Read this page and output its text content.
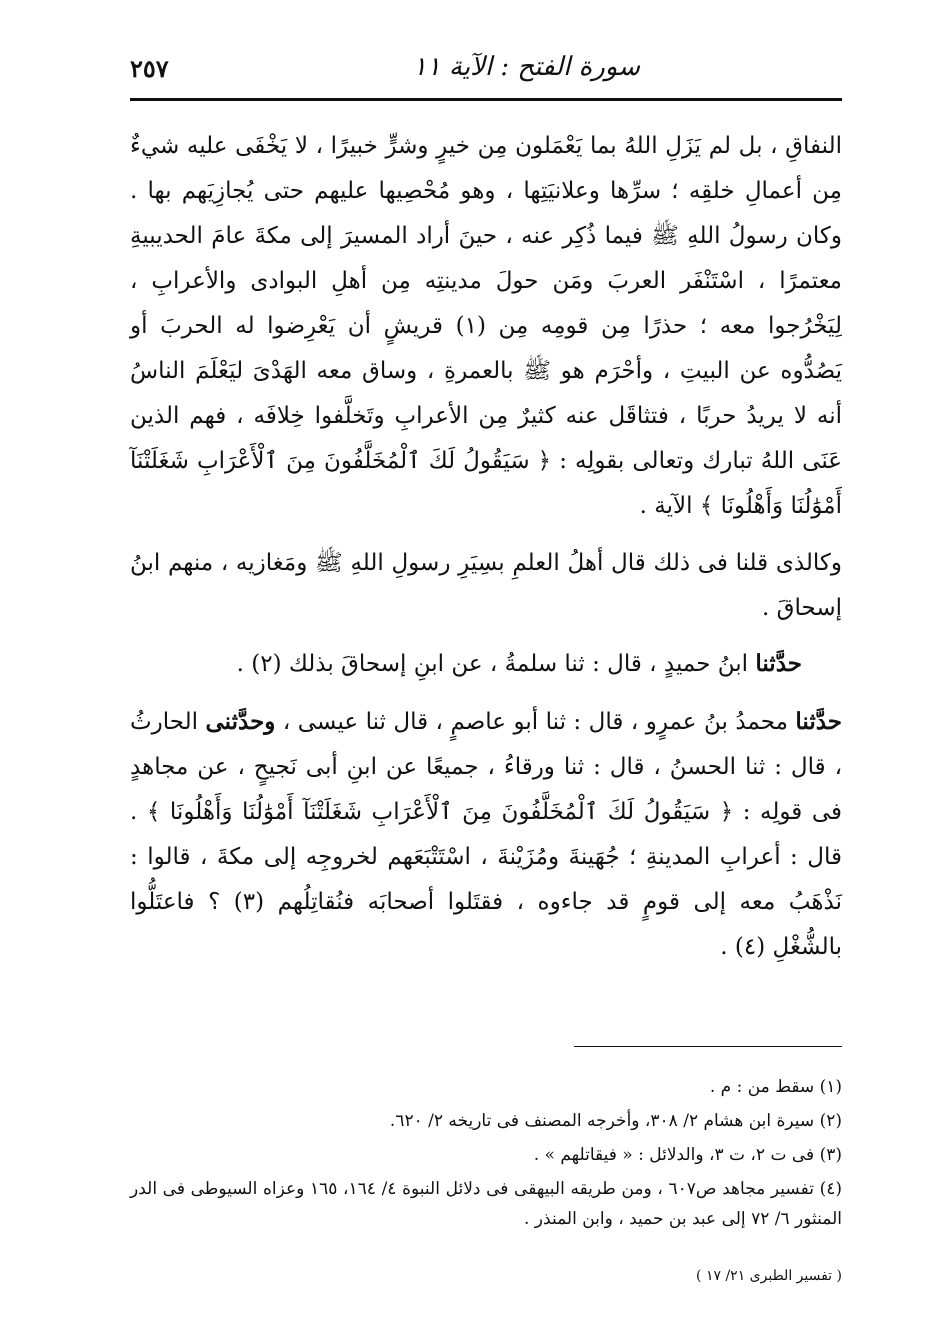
سورة الفتح : الآية ١١
٢٥٧

النفاقِ ، بل لم يَزَلِ اللهُ بما يَعْمَلون مِن خيرٍ وشرٍّ خبيرًا ، لا يَخْفَى عليه شيءٌ مِن أعمالِ خلقِه ؛ سرِّها وعلانيَتِها ، وهو مُحْصِيها عليهم حتى يُجازِيَهم بها . وكان رسولُ اللهِ ﷺ فيما ذُكِر عنه ، حينَ أراد المسيرَ إلى مكةَ عامَ الحديبيةِ معتمرًا ، اسْتَنْفَر العربَ ومَن حولَ مدينتِه مِن أهلِ البوادى والأعرابِ ، لِيَخْرُجوا معه ؛ حذرًا مِن قومِه مِن (١) قريشٍ أن يَعْرِضوا له الحربَ أو يَصُدُّوه عن البيتِ ، وأحْرَم هو ﷺ بالعمرةِ ، وساق معه الهَدْىَ ليَعْلَمَ الناسُ أنه لا يريدُ حربًا ، فتثاقَل عنه كثيرٌ مِن الأعرابِ وتَخلَّفوا خِلافَه ، فهم الذين عَنَى اللهُ تبارك وتعالى بقولِه : ﴿ سَيَقُولُ لَكَ ٱلْمُخَلَّفُونَ مِنَ ٱلْأَعْرَابِ شَغَلَتْنَآ أَمْوَٰلُنَا وَأَهْلُونَا ﴾ الآية .

وكالذى قلنا فى ذلك قال أهلُ العلمِ بسِيَرِ رسولِ اللهِ ﷺ ومَغازيه ، منهم ابنُ إسحاقَ .

حدَّثنا ابنُ حميدٍ ، قال : ثنا سلمةُ ، عن ابنِ إسحاقَ بذلك (٢) .

حدَّثنا محمدُ بنُ عمرٍو ، قال : ثنا أبو عاصمٍ ، قال ثنا عيسى ، وحدَّثنى الحارثُ ، قال : ثنا الحسنُ ، قال : ثنا ورقاءُ ، جميعًا عن ابنِ أبى نَجيحٍ ، عن مجاهدٍ فى قولِه : ﴿ سَيَقُولُ لَكَ ٱلْمُخَلَّفُونَ مِنَ ٱلْأَعْرَابِ شَغَلَتْنَآ أَمْوَٰلُنَا وَأَهْلُونَا ﴾ . قال : أعرابِ المدينةِ ؛ جُهَينةَ ومُزَيْنةَ ، اسْتَتْبَعَهم لخروجِه إلى مكةَ ، قالوا : نَذْهَبُ معه إلى قومٍ قد جاءوه ، فقتَلوا أصحابَه فنُقاتِلُهم (٣) ؟ فاعتَلُّوا بالشُّغْلِ (٤) .

(١) سقط من : م .

(٢) سيرة ابن هشام ٢/ ٣٠٨، وأخرجه المصنف فى تاريخه ٢/ ٦٢٠.

(٣) فى ت ٢، ت ٣، والدلائل : « فيقاتلهم » .

(٤) تفسير مجاهد ص٦٠٧ ، ومن طريقه البيهقى فى دلائل النبوة ٤/ ١٦٤، ١٦٥ وعزاه السيوطى فى الدر المنثور ٦/ ٧٢ إلى عبد بن حميد ، وابن المنذر .

( تفسير الطبرى ٢١/ ١٧ )
